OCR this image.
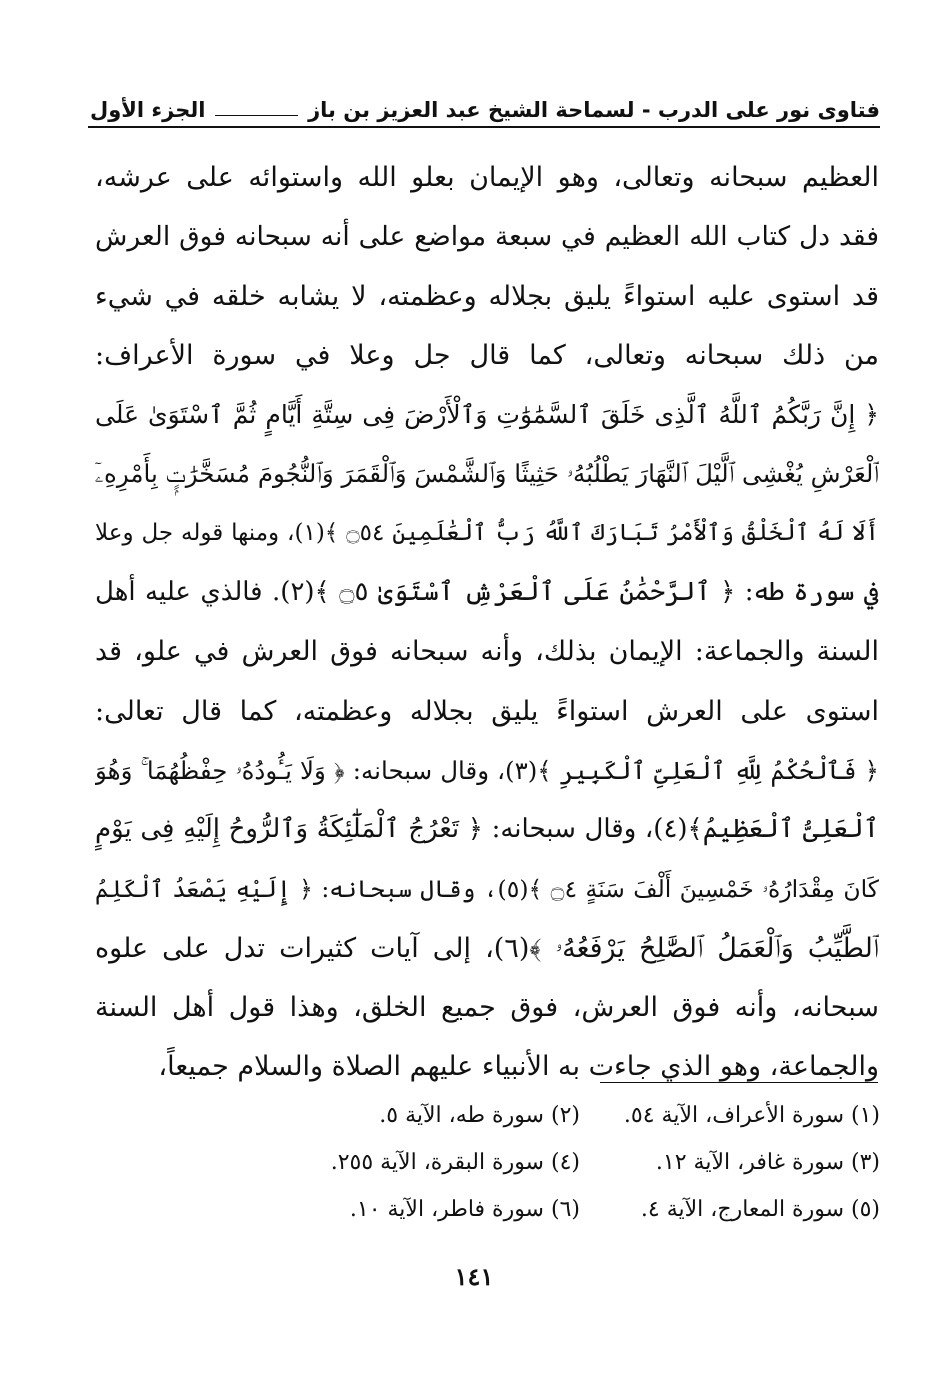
فتاوى نور على الدرب - لسماحة الشيخ عبد العزيز بن باز
الجزء الأول
العظيم سبحانه وتعالى، وهو الإيمان بعلو الله واستوائه على عرشه،
فقد دل كتاب الله العظيم في سبعة مواضع على أنه سبحانه فوق العرش
قد استوى عليه استواءً يليق بجلاله وعظمته، لا يشابه خلقه في شيء
من ذلك سبحانه وتعالى، كما قال جل وعلا في سورة الأعراف:
﴿ إِنَّ رَبَّكُمُ ٱللَّهُ ٱلَّذِى خَلَقَ ٱلسَّمَٰوَٰتِ وَٱلْأَرْضَ فِى سِتَّةِ أَيَّامٍ ثُمَّ ٱسْتَوَىٰ عَلَى
ٱلْعَرْشِ يُغْشِى ٱلَّيْلَ ٱلنَّهَارَ يَطْلُبُهُۥ حَثِيثًا وَٱلشَّمْسَ وَٱلْقَمَرَ وَٱلنُّجُومَ مُسَخَّرَٰتٍۭ بِأَمْرِهِۦٓ
أَلَا لَهُ ٱلْخَلْقُ وَٱلْأَمْرُ تَبَارَكَ ٱللَّهُ رَبُّ ٱلْعَٰلَمِينَ ۝٥٤ ﴾(١)، ومنها قوله جل وعلا
في سورة طه: ﴿ ٱلرَّحْمَٰنُ عَلَى ٱلْعَرْشِ ٱسْتَوَىٰ ۝٥ ﴾(٢). فالذي عليه أهل
السنة والجماعة: الإيمان بذلك، وأنه سبحانه فوق العرش في علو، قد
استوى على العرش استواءً يليق بجلاله وعظمته، كما قال تعالى:
﴿ فَٱلْحُكْمُ لِلَّهِ ٱلْعَلِىِّ ٱلْكَبِيرِ ﴾(٣)، وقال سبحانه: ﴿ وَلَا يَـُٔودُهُۥ حِفْظُهُمَا ۚ وَهُوَ
ٱلْعَلِىُّ ٱلْعَظِيمُ﴾(٤)، وقال سبحانه: ﴿ تَعْرُجُ ٱلْمَلَٰٓئِكَةُ وَٱلرُّوحُ إِلَيْهِ فِى يَوْمٍ
كَانَ مِقْدَارُهُۥ خَمْسِينَ أَلْفَ سَنَةٍ ۝٤ ﴾(٥)، وقال سبحانه: ﴿ إِلَيْهِ يَصْعَدُ ٱلْكَلِمُ
ٱلطَّيِّبُ وَٱلْعَمَلُ ٱلصَّٰلِحُ يَرْفَعُهُۥ ﴾(٦)، إلى آيات كثيرات تدل على علوه
سبحانه، وأنه فوق العرش، فوق جميع الخلق، وهذا قول أهل السنة
والجماعة، وهو الذي جاءت به الأنبياء عليهم الصلاة والسلام جميعاً،
(١) سورة الأعراف، الآية ٥٤.
(٢) سورة طه، الآية ٥.
(٣) سورة غافر، الآية ١٢.
(٤) سورة البقرة، الآية ٢٥٥.
(٥) سورة المعارج، الآية ٤.
(٦) سورة فاطر، الآية ١٠.
١٤١
